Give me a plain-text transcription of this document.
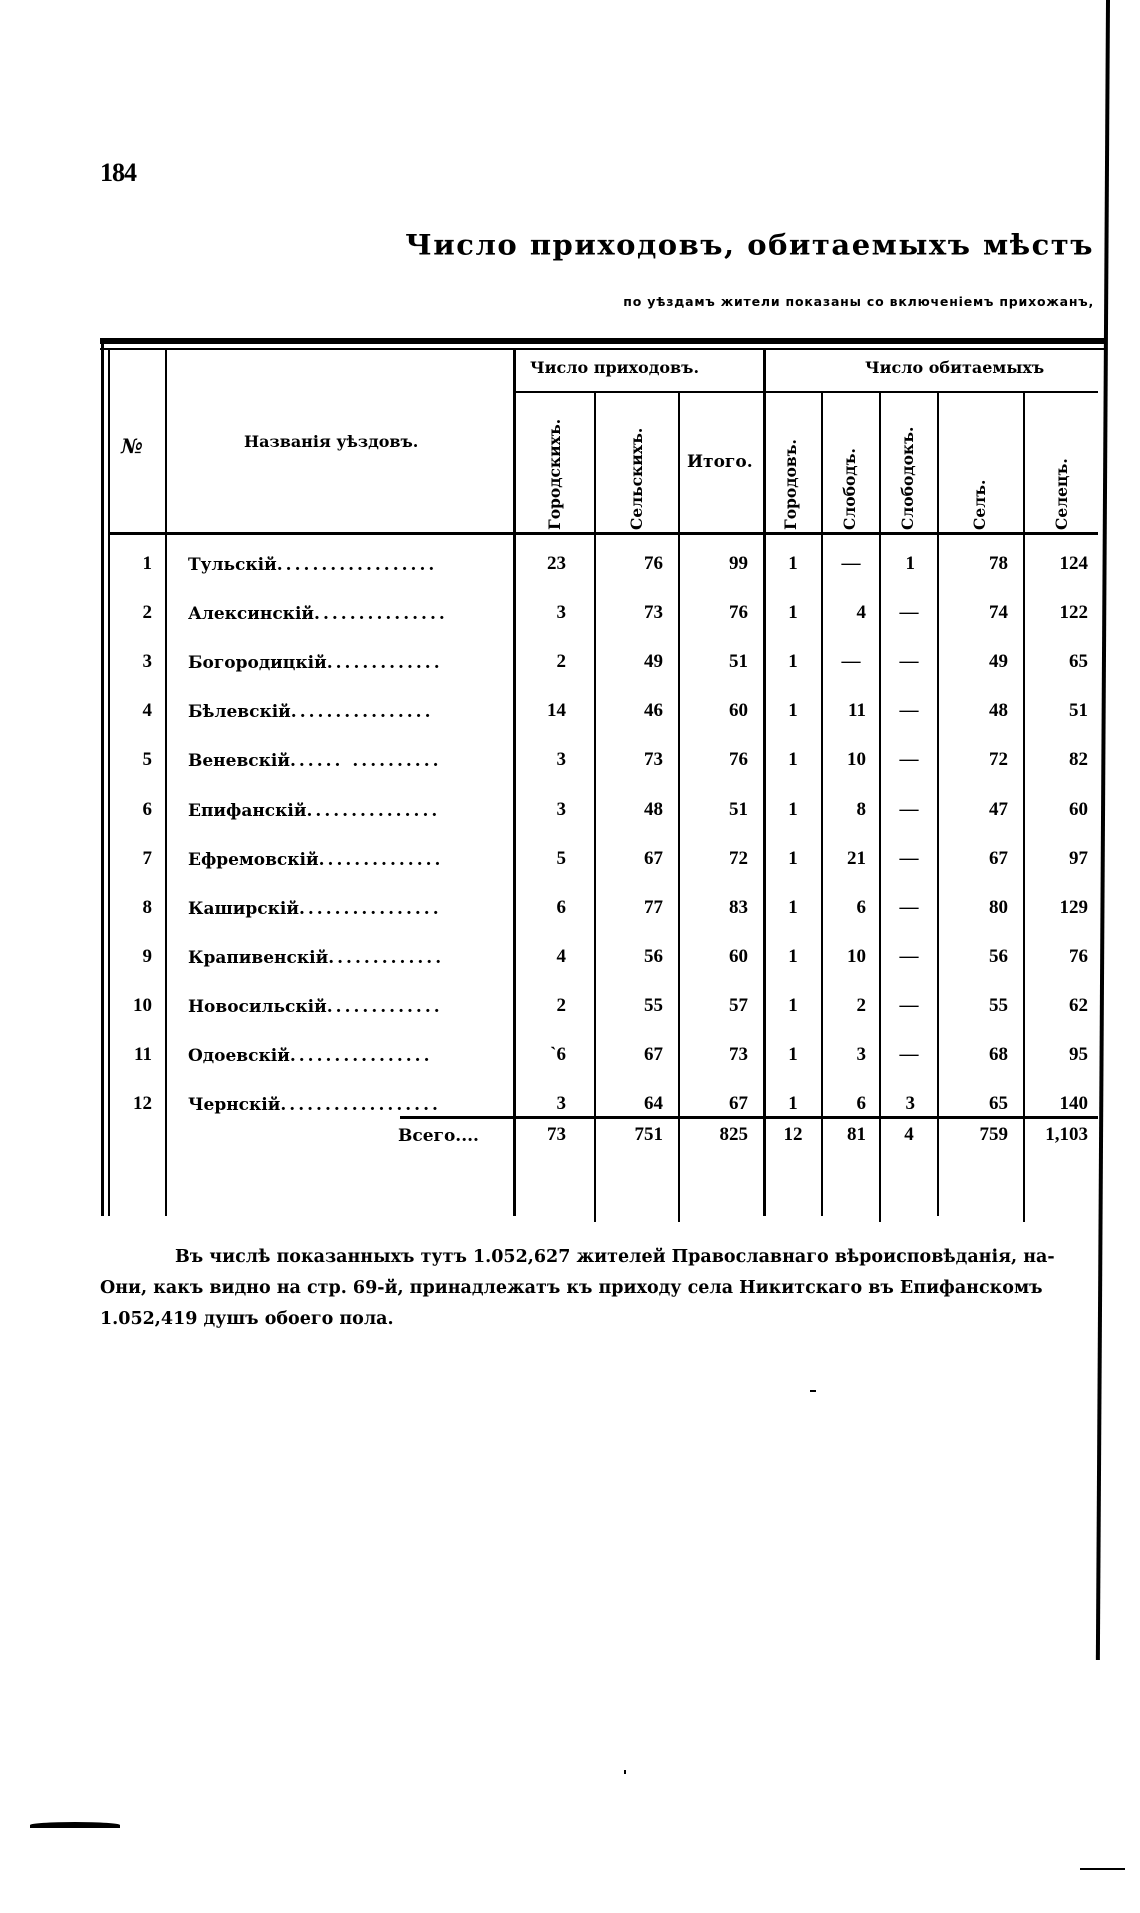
184
Число приходовъ, обитаемыхъ мѣстъ
по уѣздамъ жители показаны со включенiемъ прихожанъ,
№	Названiя уѣздовъ.
Число приходовъ.	Число обитаемыхъ
Городскихъ.	Сельскихъ. Итого. Городовъ.	Слободъ.	Слободокъ.	Селъ.	Селецъ.
1 Тульскiй..................	23	76	99	1	—	1	78	124
2 Алексинскiй...............	3	73	76	1	4	—	74	122
3 Богородицкiй.............	2	49	51	1	—	—	49	65
4 Бѣлевскiй................	14	46	60	1	11	—	48	51
5 Веневскiй...... ..........	3	73	76	1	10	—	72	82
6 Епифанскiй...............	3	48	51	1	8	—	47	60
7 Ефремовскiй..............	5	67	72	1	21	—	67	97
8 Каширскiй................	6	77	83	1	6	—	80	129
9 Крапивенскiй.............	4	56	60	1	10	—	56	76
10 Новосильскiй.............	2	55	57	1	2	—	55	62
11 Одоевскiй................	`6	67	73	1	3	—	68	95
12 Чернскiй..................	3	64	67	1	6	3	65	140
Всего....	73	751	825	12	81	4	759	1,103
Въ числѣ показанныхъ тутъ 1.052,627 жителей Православнаго вѣроисповѣданiя, на-
Они, какъ видно на стр. 69-й, принадлежатъ къ приходу села Никитскаго въ Епифанскомъ
1.052,419 душъ обоего пола.
